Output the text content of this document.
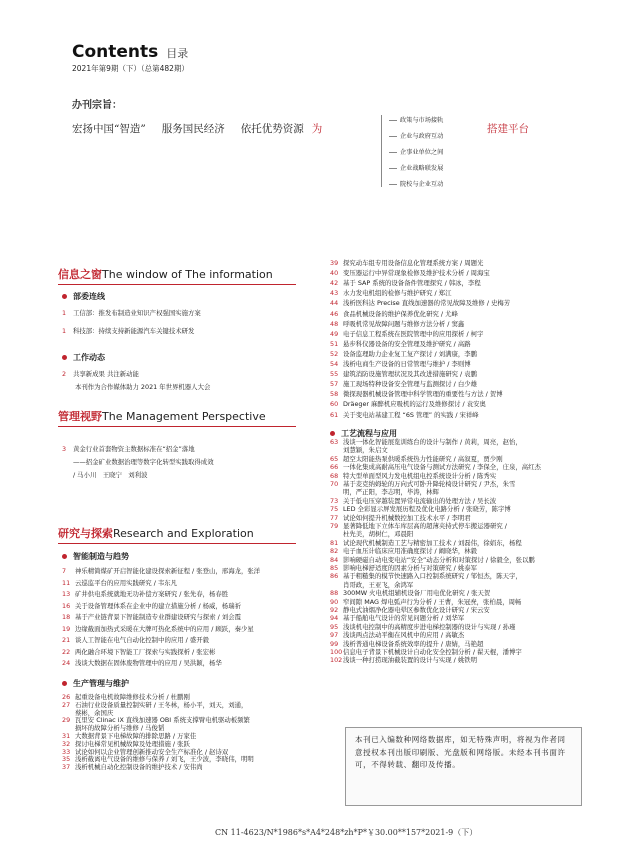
Contents 目录
2021年第9期（下）（总第482期）
办刊宗旨：
宏扬中国“智造” 服务国民经济 依托优势资源 为	搭建平台
政策与市场接轨
企业与政府互动
企事业单位之间
企业战略联发展
院校与企业互动
信息之窗The window of The information
部委连线
1 工信部：推发布制造业知识产权强国实施方案
1 科技部：持续支持新能源汽车关键技术研发
工作动态
2 共享新成果 共注新动能
本刊作为合作媒体助力 2021 年世界机器人大会
管理视野The Management Perspective
3 黄金行业首套物资主数据标准在“招金”落地
——招金矿业数据治理等数字化转型实践取得成效
/ 马小川　王晓宁　刘利波
研究与探索Research and Exploration
智能制造与趋势
7 神乐精简煤矿开启智能化建设探索新征程 / 张登山，邢海龙，张洋
11 云巡监平台的应用实践研究 / 韦东凡
13 矿井供电系统就地无功补偿方案研究 / 张先春，杨春胜
16 关于设备管理体系在企业中的建立措施分析 / 杨威，杨瑞祈
18 基于产业链背景下智能制造专业群建设研究与探索 / 刘会霞
19 边缘截面加热式采暖在大牌可热化系统中的应用 / 顾跃，秦少星
21 谈人工智能在电气自动化控制中的应用 / 盛开毅
22 两化融合环境下智能工厂探索与实践探析 / 张宏彬
24 浅谈大数据在固体废物管理中的应用 / 吴洪颖，杨华
生产管理与维护
26 起重设备电机故障维修技术分析 / 杜鹏刚
27 石油行业设备质量控制实研 / 王冬林，杨小平，刘天，刘通，
蔡彬，余国庆
29 瓦里安 Clinac iX 直线加速器 OBI 系统支撑臂电机驱动板频繁
损坏的故障分析与维修 / 马俊韬
31 大数据背景下电梯故障的排除思路 / 万家佳
32 探讨电梯常见机械故障及处理措施 / 张跃
33 试论如何以企业管理创新推动安全生产标准化 / 赵诗双
35 浅析截离电气设备的维修与保养 / 刘飞，王少波，李晓伟，明明
37 浅析机械自动化控制设备的维护技术 / 安伟尚
39 探究动车组专用设备信息化管理系统方案 / 周题光
40 变压器运行中异常现象检修及维护技术分析 / 周海宝
42 基于 SAP 系统的设备备件管理探究 / 韩冰，李程
43 水力发电机组的检修与维护研究 / 郑江
44 浅析医科达 Precise 直线加速器的常见故障及维修 / 史梅芳
46 食品机械设备的维护保养优化研究 / 尤峰
48 呼吸机常见故障问题与维修方法分析 / 窦鑫
49 电子信息工程系统在医院管理中的应用探析 / 柯宇
51 悬步科仪器设备的安全管理及维护研究 / 高路
52 设备监理助力企业复工复产探讨 / 刘满康，李鹏
54 浅析电商生产设备的日常管理与维护 / 李则博
55 建筑消防设施管理状况及其改进措施研究 / 袁鹏
57 施工现场特种设备安全管理与监测探讨 / 白少雄
58 微探现器机械设备管理中科学管理的重要性与方法 / 贺博
60 Dräeger 麻醉机应吸机的运行及维修探讨 / 袁安奥
61 关于变电站基建工程 “6S 管理” 的实践 / 宋祥峰
工艺流程与应用
63 浅谈一体化智能展览训练台的设计与制作 / 黄莉，周亮，赵怡，
刘慧颖，朱启文
65 超空太阳能热泵供暖系统热力性能研究 / 高叙夏，贾少刚
66 一体化集成高耐高压电气设备与测试方法研究 / 李保全，庄泉，高红杰
68 特大型单面型风力发电机组电控系统设计分析 / 陈秀实
70 基于麦克纳姆轮的万向式可卧升降轮椅设计研究 / 尹杰，朱雪
明，严正阳，李志明，毕涛，林辉
73 关于低电压穿越装置异常电流输出的处理方法 / 吴长波
75 LED 全彩显示屏发展历程及优化电路分析 / 张晓芳，陈宇博
77 试论如何提升机械数控加工技术水平 / 李明君
79 显著降低地下立体车库层高的超薄夹持式停车搬运器研究 /
杜先美，胡树仁，邓晨阳
81 试论现代机械制造工艺与精密加工技术 / 刘磊伟，徐娟东，杨程
82 电子血压计临床应用准确度探讨 / 阚晓华，林毅
84 影响硬磁自动电变电站“安全”动态分析和对策探讨 / 徐毅全，张以鹏
85 影响电梯舒适度的因素分析与对策研究 / 姚泰军
86 基于粗糙集的模节快速路入口控制系统研究 / 邹恒杰，陈天宇，
肖哥政，王亚飞，余鸿军
88 300MW 火电机组辅机设备厂用电优化研究 / 张天贺
90 窄间隙 MAG 焊电弧声行为分析 / 王曹，朱冠焘，张柏晨，周畅
92 静电式油烟净化器电晕区参数优化设计研究 / 宋云安
94 基于船舶电气设计的常见问题分析 / 刘华军
95 浅谈机电控制中的高精度步进电梯控制器的设计与实现 / 孙瑾
97 浅谈两点法动平衡在风机中的应用 / 高敏杰
99 浅析普通电梯设备系统效率的提升 / 唐婧，马艳超
100信息电子背景下机械设计自动化安全控制分析 / 翟天棍，潘博宇
102浅谈一种打捞现油截装置的设计与实现 / 姚铁明
本刊已入编数种网络数据库，如无特殊声明，将视为作者同意授权本刊出版印刷版、光盘版和网络版。未经本刊书面许可，不得转载、翻印及传播。
CN 11-4623/N*1986*s*A4*248*zh*P*￥30.00**157*2021-9（下）
